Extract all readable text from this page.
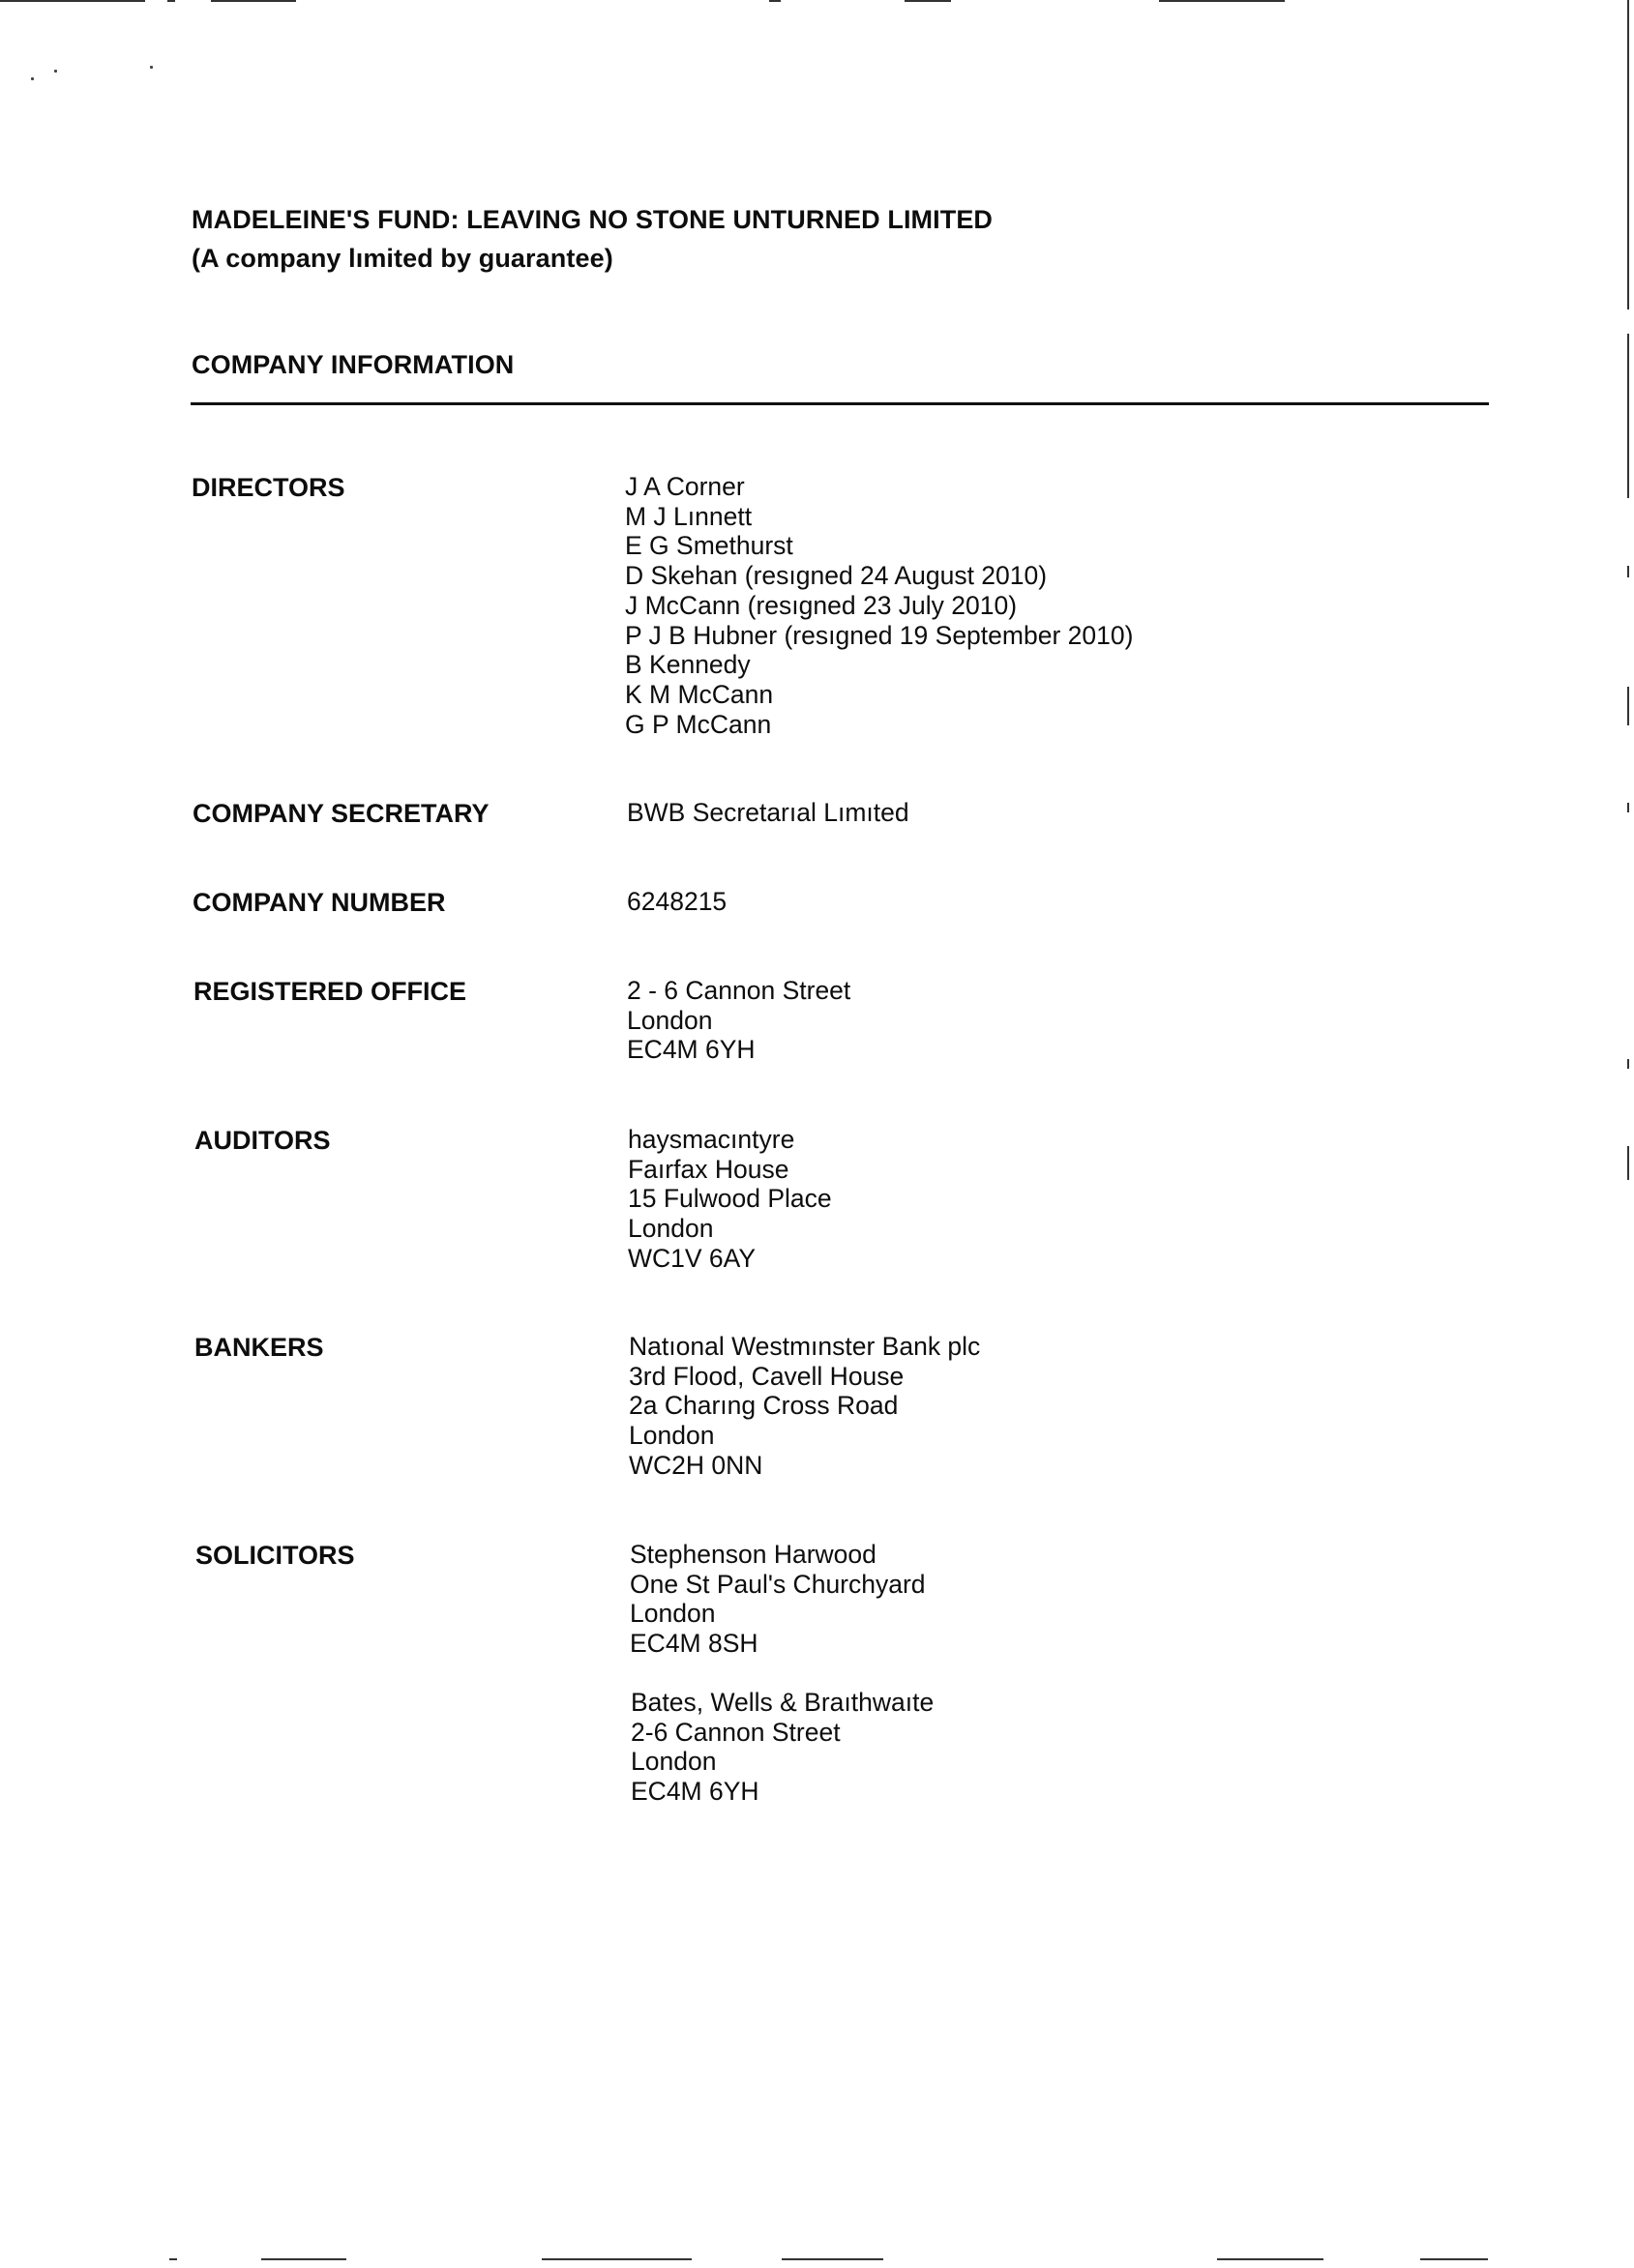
MADELEINE'S FUND: LEAVING NO STONE UNTURNED LIMITED
(A company lımited by guarantee)
COMPANY INFORMATION
DIRECTORS	J A Corner
M J Lınnett
E G Smethurst
D Skehan (resıgned 24 August 2010)
J McCann (resıgned 23 July 2010)
P J B Hubner (resıgned 19 September 2010)
B Kennedy
K M McCann
G P McCann
COMPANY SECRETARY	BWB Secretarıal Lımıted
COMPANY NUMBER	6248215
REGISTERED OFFICE	2 - 6 Cannon Street
London
EC4M 6YH
AUDITORS	haysmacıntyre
Faırfax House
15 Fulwood Place
London
WC1V 6AY
BANKERS	Natıonal Westmınster Bank plc
3rd Flood, Cavell House
2a Charıng Cross Road
London
WC2H 0NN
SOLICITORS	Stephenson Harwood
One St Paul's Churchyard
London
EC4M 8SH
Bates, Wells & Braıthwaıte
2-6 Cannon Street
London
EC4M 6YH
